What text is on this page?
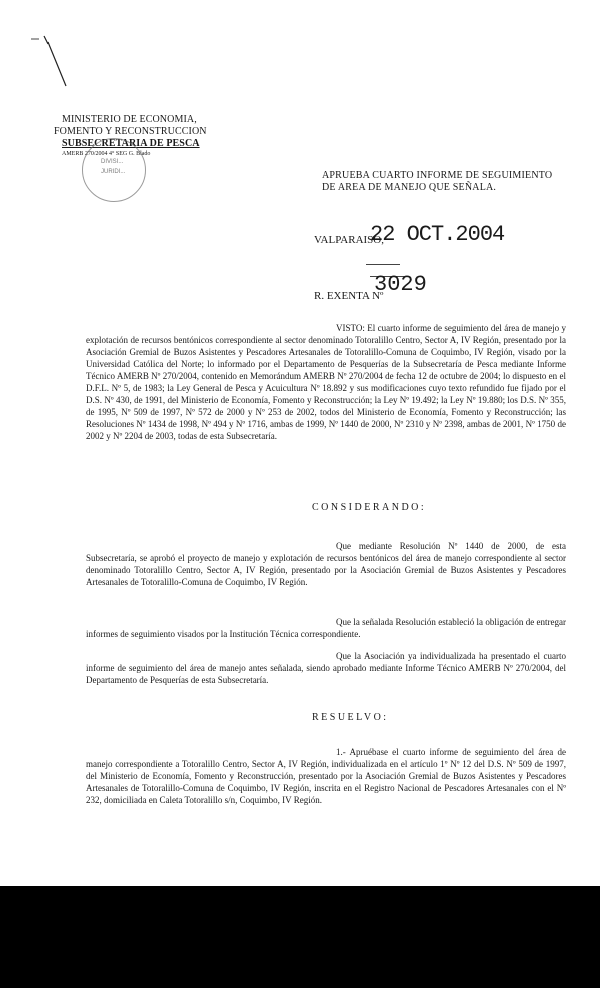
MINISTERIO DE ECONOMIA,
FOMENTO Y RECONSTRUCCION
SUBSECRETARIA DE PESCA
AMERB 270/2004 4° SEG G. Blado
DIVISI...
JURIDI...	APRUEBA CUARTO INFORME DE SEGUIMIENTO
DE AREA DE MANEJO QUE SEÑALA.
VALPARAISO,
22 OCT.2004
R. EXENTA Nº
3029
VISTO: El cuarto informe de seguimiento del área de manejo y explotación de recursos bentónicos correspondiente al sector denominado Totoralillo Centro, Sector A, IV Región, presentado por la Asociación Gremial de Buzos Asistentes y Pescadores Artesanales de Totoralillo-Comuna de Coquimbo, IV Región, visado por la Universidad Católica del Norte; lo informado por el Departamento de Pesquerías de la Subsecretaría de Pesca mediante Informe Técnico AMERB Nº 270/2004, contenido en Memorándum AMERB Nº 270/2004 de fecha 12 de octubre de 2004; lo dispuesto en el D.F.L. Nº 5, de 1983; la Ley General de Pesca y Acuicultura Nº 18.892 y sus modificaciones cuyo texto refundido fue fijado por el D.S. Nº 430, de 1991, del Ministerio de Economía, Fomento y Reconstrucción; la Ley Nº 19.492; la Ley Nº 19.880; los D.S. Nº 355, de 1995, Nº 509 de 1997, Nº 572 de 2000 y Nº 253 de 2002, todos del Ministerio de Economía, Fomento y Reconstrucción; las Resoluciones Nº 1434 de 1998, Nº 494 y Nº 1716, ambas de 1999, Nº 1440 de 2000, Nº 2310 y Nº 2398, ambas de 2001, Nº 1750 de 2002 y Nº 2204 de 2003, todas de esta Subsecretaría.
CONSIDERANDO:
Que mediante Resolución Nº 1440 de 2000, de esta Subsecretaría, se aprobó el proyecto de manejo y explotación de recursos bentónicos del área de manejo correspondiente al sector denominado Totoralillo Centro, Sector A, IV Región, presentado por la Asociación Gremial de Buzos Asistentes y Pescadores Artesanales de Totoralillo-Comuna de Coquimbo, IV Región.
Que la señalada Resolución estableció la obligación de entregar informes de seguimiento visados por la Institución Técnica correspondiente.
Que la Asociación ya individualizada ha presentado el cuarto informe de seguimiento del área de manejo antes señalada, siendo aprobado mediante Informe Técnico AMERB Nº 270/2004, del Departamento de Pesquerías de esta Subsecretaría.
RESUELVO:
1.- Apruébase el cuarto informe de seguimiento del área de manejo correspondiente a Totoralillo Centro, Sector A, IV Región, individualizada en el artículo 1º Nº 12 del D.S. Nº 509 de 1997, del Ministerio de Economía, Fomento y Reconstrucción, presentado por la Asociación Gremial de Buzos Asistentes y Pescadores Artesanales de Totoralillo-Comuna de Coquimbo, IV Región, inscrita en el Registro Nacional de Pescadores Artesanales con el Nº 232, domiciliada en Caleta Totoralillo s/n, Coquimbo, IV Región.
